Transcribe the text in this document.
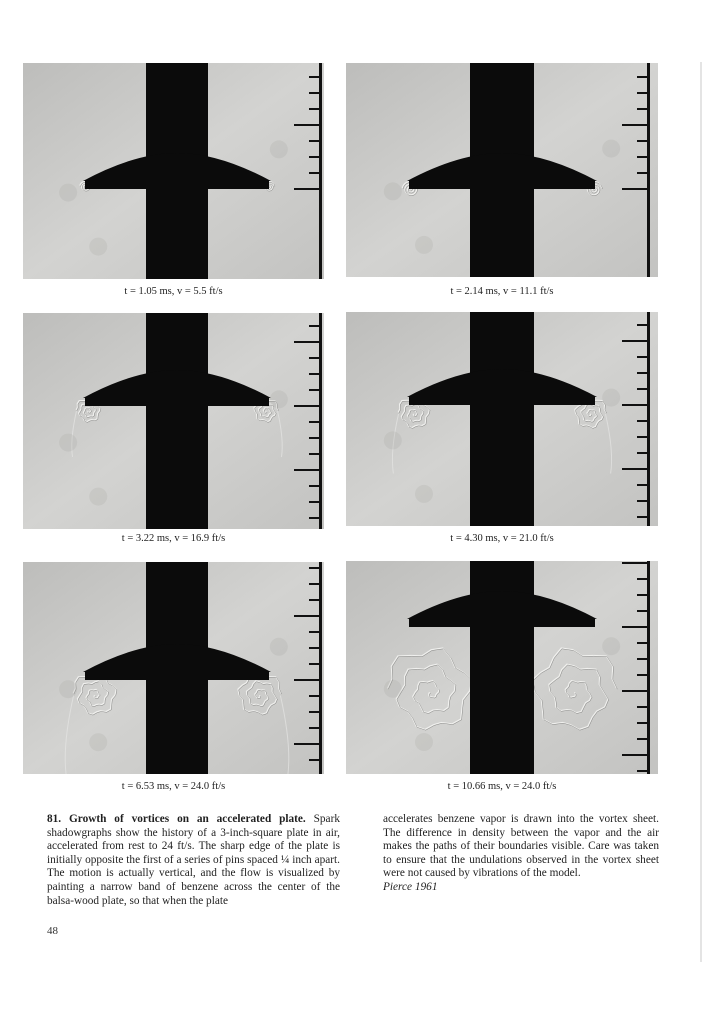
t = 1.05 ms, v = 5.5 ft/s	t = 2.14 ms, v = 11.1 ft/s
t = 3.22 ms, v = 16.9 ft/s	t = 4.30 ms, v = 21.0 ft/s
t = 6.53 ms, v = 24.0 ft/s	t = 10.66 ms, v = 24.0 ft/s
81. Growth of vortices on an accelerated plate. Spark shadowgraphs show the history of a 3-inch-square plate in air, accelerated from rest to 24 ft/s. The sharp edge of the plate is initially opposite the first of a series of pins spaced ¼ inch apart. The motion is actually vertical, and the flow is visualized by painting a narrow band of benzene across the center of the balsa-wood plate, so that when the plate
accelerates benzene vapor is drawn into the vortex sheet. The difference in density between the vapor and the air makes the paths of their boundaries visible. Care was taken to ensure that the undulations observed in the vortex sheet were not caused by vibrations of the model.
Pierce 1961
48
